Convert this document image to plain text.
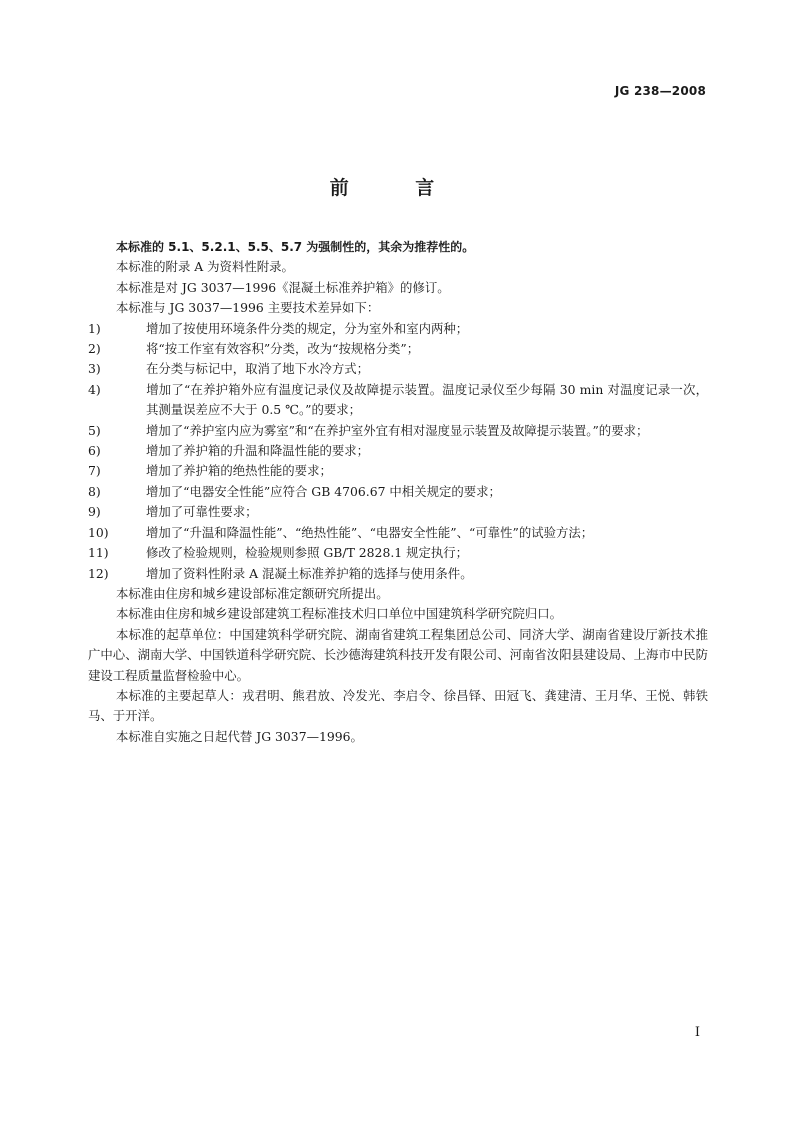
JG 238—2008
前 言

本标准的 5.1、5.2.1、5.5、5.7 为强制性的，其余为推荐性的。

本标准的附录 A 为资料性附录。

本标准是对 JG 3037—1996《混凝土标准养护箱》的修订。

本标准与 JG 3037—1996 主要技术差异如下：

1)	增加了按使用环境条件分类的规定，分为室外和室内两种；

2)	将“按工作室有效容积”分类，改为“按规格分类”；

3)	在分类与标记中，取消了地下水冷方式；

4)	增加了“在养护箱外应有温度记录仪及故障提示装置。温度记录仪至少每隔 30 min 对温度记录一次，其测量误差应不大于 0.5 ℃。”的要求；

5)	增加了“养护室内应为雾室”和“在养护室外宜有相对湿度显示装置及故障提示装置。”的要求；

6)	增加了养护箱的升温和降温性能的要求；

7)	增加了养护箱的绝热性能的要求；

8)	增加了“电器安全性能”应符合 GB 4706.67 中相关规定的要求；

9)	增加了可靠性要求；

10)	增加了“升温和降温性能”、“绝热性能”、“电器安全性能”、“可靠性”的试验方法；

11)	修改了检验规则，检验规则参照 GB/T 2828.1 规定执行；

12)	增加了资料性附录 A 混凝土标准养护箱的选择与使用条件。

本标准由住房和城乡建设部标准定额研究所提出。

本标准由住房和城乡建设部建筑工程标准技术归口单位中国建筑科学研究院归口。

本标准的起草单位：中国建筑科学研究院、湖南省建筑工程集团总公司、同济大学、湖南省建设厅新技术推广中心、湖南大学、中国铁道科学研究院、长沙德海建筑科技开发有限公司、河南省汝阳县建设局、上海市中民防建设工程质量监督检验中心。

本标准的主要起草人：戎君明、熊君放、冷发光、李启令、徐昌铎、田冠飞、龚建清、王月华、王悦、韩铁马、于开洋。

本标准自实施之日起代替 JG 3037—1996。

I
